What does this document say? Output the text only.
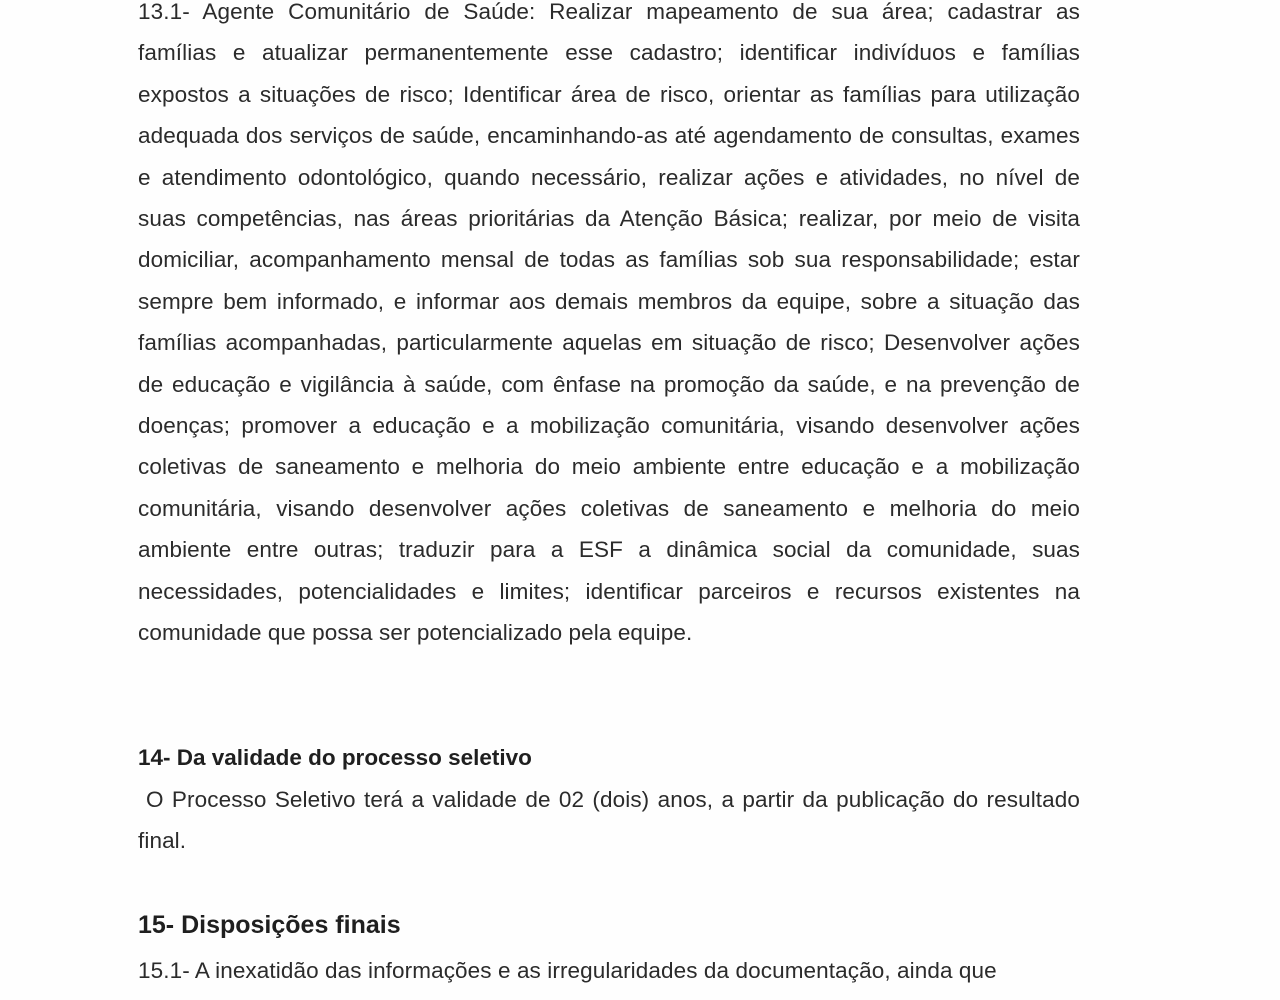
13.1- Agente Comunitário de Saúde: Realizar mapeamento de sua área; cadastrar as famílias e atualizar permanentemente esse cadastro; identificar indivíduos e famílias expostos a situações de risco; Identificar área de risco, orientar as famílias para utilização adequada dos serviços de saúde, encaminhando-as até agendamento de consultas, exames e atendimento odontológico, quando necessário, realizar ações e atividades, no nível de suas competências, nas áreas prioritárias da Atenção Básica; realizar, por meio de visita domiciliar, acompanhamento mensal de todas as famílias sob sua responsabilidade; estar sempre bem informado, e informar aos demais membros da equipe, sobre a situação das famílias acompanhadas, particularmente aquelas em situação de risco; Desenvolver ações de educação e vigilância à saúde, com ênfase na promoção da saúde, e na prevenção de doenças; promover a educação e a mobilização comunitária, visando desenvolver ações coletivas de saneamento e melhoria do meio ambiente entre educação e a mobilização comunitária, visando desenvolver ações coletivas de saneamento e melhoria do meio ambiente entre outras; traduzir para a ESF a dinâmica social da comunidade, suas necessidades, potencialidades e limites; identificar parceiros e recursos existentes na comunidade que possa ser potencializado pela equipe.

14- Da validade do processo seletivo

O Processo Seletivo terá a validade de 02 (dois) anos, a partir da publicação do resultado final.

15- Disposições finais

15.1- A inexatidão das informações e as irregularidades da documentação, ainda que
